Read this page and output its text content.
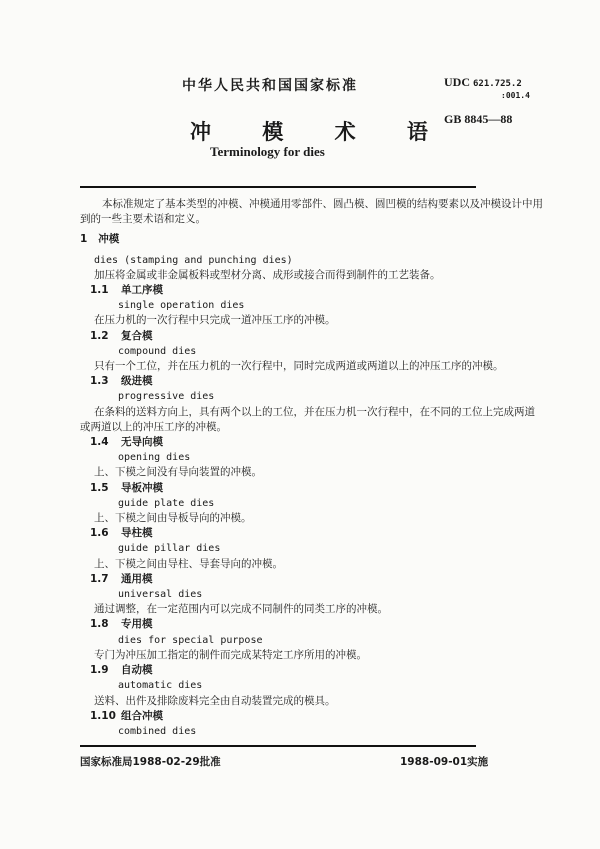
中华人民共和国国家标准
冲 模 术 语
Terminology for dies
UDC 621.725.2
:001.4
GB 8845—88
本标准规定了基本类型的冲模、冲模通用零部件、圆凸模、圆凹模的结构要素以及冲模设计中用
到的一些主要术语和定义。
1 冲模
dies (stamping and punching dies)
加压将金属或非金属板料或型材分离、成形或接合而得到制件的工艺装备。
1.1 单工序模
single operation dies
在压力机的一次行程中只完成一道冲压工序的冲模。
1.2 复合模
compound dies
只有一个工位，并在压力机的一次行程中，同时完成两道或两道以上的冲压工序的冲模。
1.3 级进模
progressive dies
在条料的送料方向上，具有两个以上的工位，并在压力机一次行程中，在不同的工位上完成两道
或两道以上的冲压工序的冲模。
1.4 无导向模
opening dies
上、下模之间没有导向装置的冲模。
1.5 导板冲模
guide plate dies
上、下模之间由导板导向的冲模。
1.6 导柱模
guide pillar dies
上、下模之间由导柱、导套导向的冲模。
1.7 通用模
universal dies
通过调整，在一定范围内可以完成不同制件的同类工序的冲模。
1.8 专用模
dies for special purpose
专门为冲压加工指定的制件而完成某特定工序所用的冲模。
1.9 自动模
automatic dies
送料、出件及排除废料完全由自动装置完成的模具。
1.10 组合冲模
combined dies
国家标准局1988-02-29批准	1988-09-01实施
